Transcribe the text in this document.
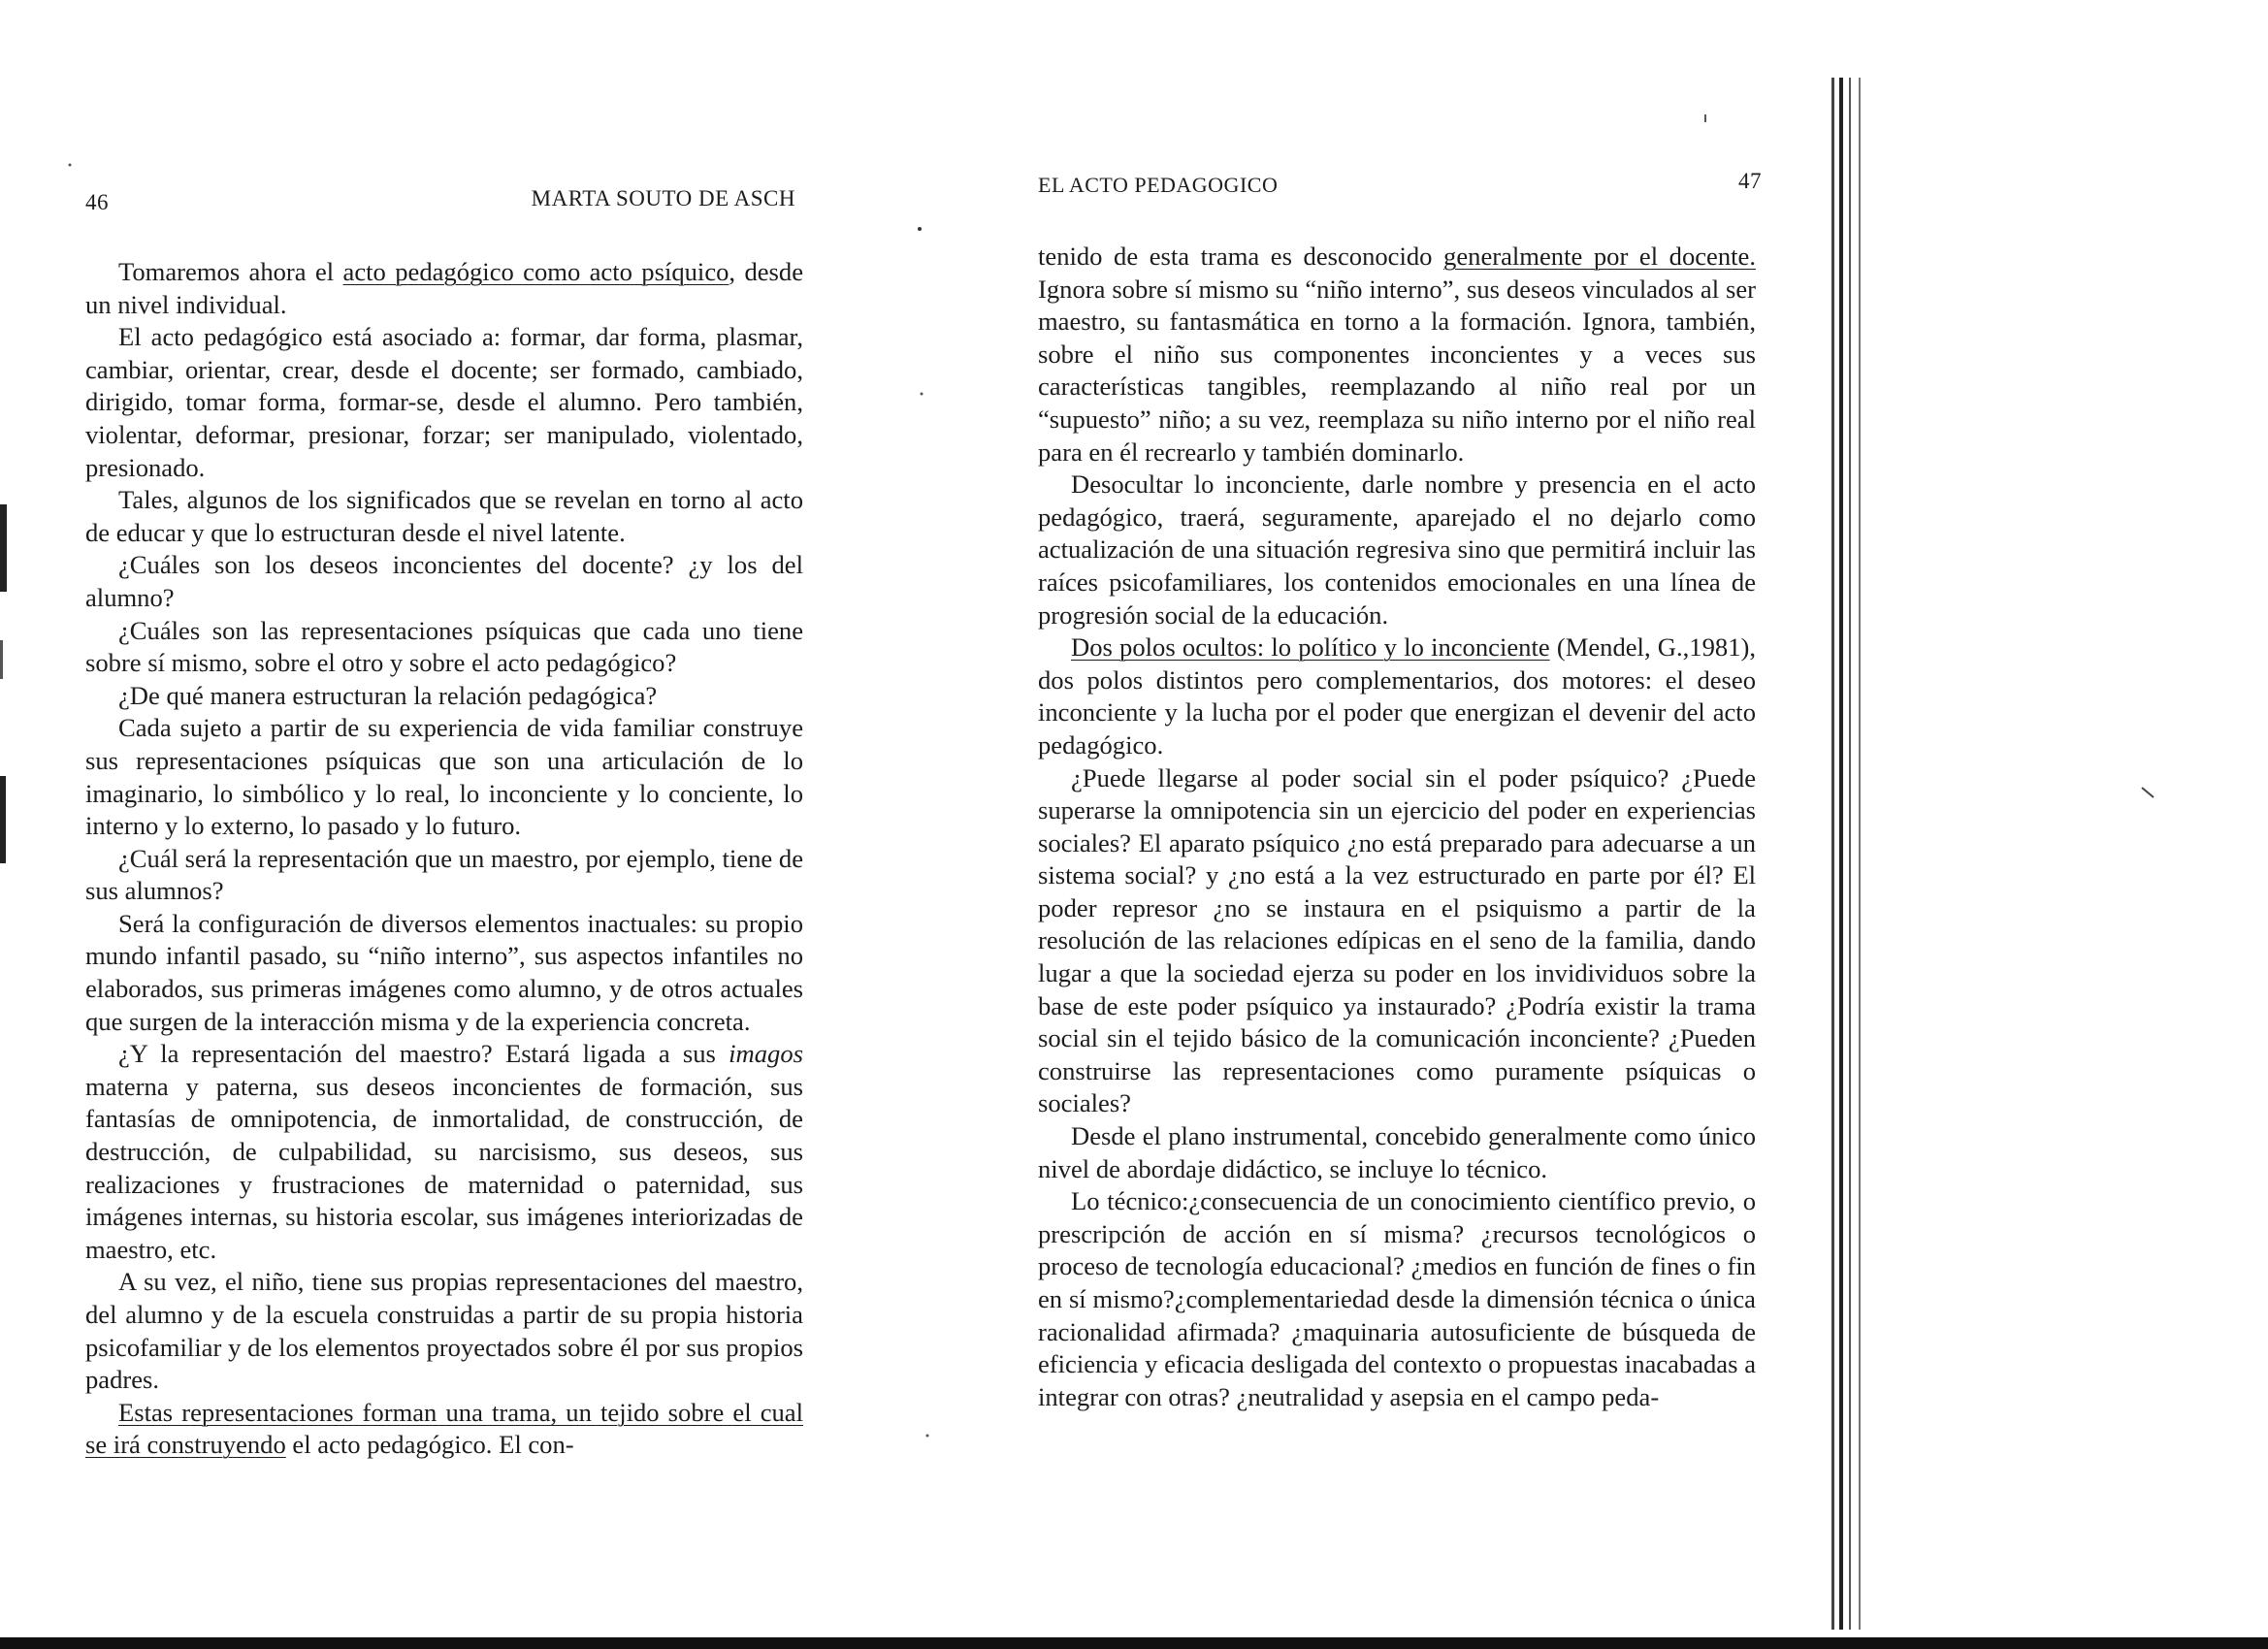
46	MARTA SOUTO DE ASCH

Tomaremos ahora el acto pedagógico como acto psíquico, desde un nivel individual.

El acto pedagógico está asociado a: formar, dar forma, plasmar, cambiar, orientar, crear, desde el docente; ser formado, cambiado, dirigido, tomar forma, formar-se, desde el alumno. Pero también, violentar, deformar, presionar, forzar; ser manipulado, violentado, presionado.

Tales, algunos de los significados que se revelan en torno al acto de educar y que lo estructuran desde el nivel latente.

¿Cuáles son los deseos inconcientes del docente? ¿y los del alumno?

¿Cuáles son las representaciones psíquicas que cada uno tiene sobre sí mismo, sobre el otro y sobre el acto pedagógico?

¿De qué manera estructuran la relación pedagógica?

Cada sujeto a partir de su experiencia de vida familiar construye sus representaciones psíquicas que son una articulación de lo imaginario, lo simbólico y lo real, lo inconciente y lo conciente, lo interno y lo externo, lo pasado y lo futuro.

¿Cuál será la representación que un maestro, por ejemplo, tiene de sus alumnos?

Será la configuración de diversos elementos inactuales: su propio mundo infantil pasado, su “niño interno”, sus aspectos infantiles no elaborados, sus primeras imágenes como alumno, y de otros actuales que surgen de la interacción misma y de la experiencia concreta.

¿Y la representación del maestro? Estará ligada a sus imagos materna y paterna, sus deseos inconcientes de formación, sus fantasías de omnipotencia, de inmortalidad, de construcción, de destrucción, de culpabilidad, su narcisismo, sus deseos, sus realizaciones y frustraciones de maternidad o paternidad, sus imágenes internas, su historia escolar, sus imágenes interiorizadas de maestro, etc.

A su vez, el niño, tiene sus propias representaciones del maestro, del alumno y de la escuela construidas a partir de su propia historia psicofamiliar y de los elementos proyectados sobre él por sus propios padres.

Estas representaciones forman una trama, un tejido sobre el cual se irá construyendo el acto pedagógico. El con-

EL ACTO PEDAGOGICO	47

tenido de esta trama es desconocido generalmente por el docente. Ignora sobre sí mismo su “niño interno”, sus deseos vinculados al ser maestro, su fantasmática en torno a la formación. Ignora, también, sobre el niño sus componentes inconcientes y a veces sus características tangibles, reemplazando al niño real por un “supuesto” niño; a su vez, reemplaza su niño interno por el niño real para en él recrearlo y también dominarlo.

Desocultar lo inconciente, darle nombre y presencia en el acto pedagógico, traerá, seguramente, aparejado el no dejarlo como actualización de una situación regresiva sino que permitirá incluir las raíces psicofamiliares, los contenidos emocionales en una línea de progresión social de la educación.

Dos polos ocultos: lo político y lo inconciente (Mendel, G.,1981), dos polos distintos pero complementarios, dos motores: el deseo inconciente y la lucha por el poder que energizan el devenir del acto pedagógico.

¿Puede llegarse al poder social sin el poder psíquico? ¿Puede superarse la omnipotencia sin un ejercicio del poder en experiencias sociales? El aparato psíquico ¿no está preparado para adecuarse a un sistema social? y ¿no está a la vez estructurado en parte por él? El poder represor ¿no se instaura en el psiquismo a partir de la resolución de las relaciones edípicas en el seno de la familia, dando lugar a que la sociedad ejerza su poder en los invidividuos sobre la base de este poder psíquico ya instaurado? ¿Podría existir la trama social sin el tejido básico de la comunicación inconciente? ¿Pueden construirse las representaciones como puramente psíquicas o sociales?

Desde el plano instrumental, concebido generalmente como único nivel de abordaje didáctico, se incluye lo técnico.

Lo técnico:¿consecuencia de un conocimiento científico previo, o prescripción de acción en sí misma? ¿recursos tecnológicos o proceso de tecnología educacional? ¿medios en función de fines o fin en sí mismo?¿complementariedad desde la dimensión técnica o única racionalidad afirmada? ¿maquinaria autosuficiente de búsqueda de eficiencia y eficacia desligada del contexto o propuestas inacabadas a integrar con otras? ¿neutralidad y asepsia en el campo peda-
